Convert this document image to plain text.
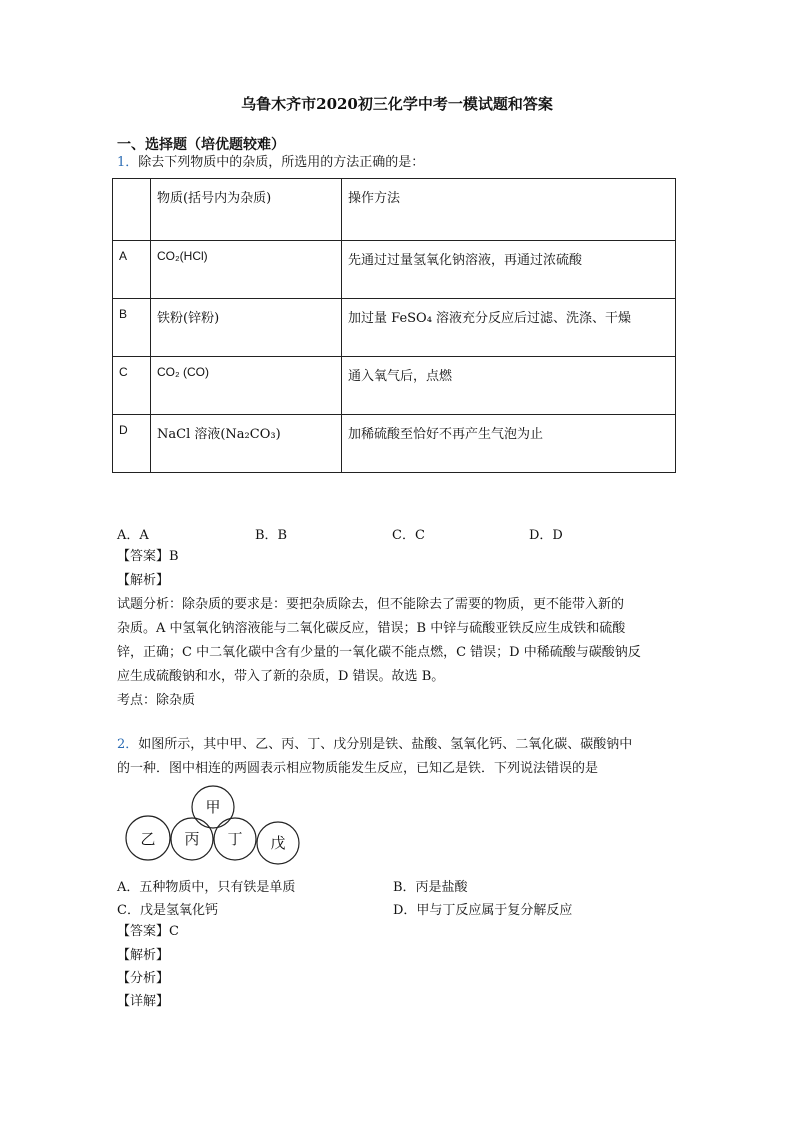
乌鲁木齐市2020初三化学中考一模试题和答案
一、选择题（培优题较难）
1．除去下列物质中的杂质，所选用的方法正确的是：
	物质(括号内为杂质)	操作方法
A	CO₂(HCl)	先通过过量氢氧化钠溶液，再通过浓硫酸
B	铁粉(锌粉)	加过量 FeSO₄ 溶液充分反应后过滤、洗涤、干燥
C	CO₂ (CO)	通入氧气后，点燃
D	NaCl 溶液(Na₂CO₃)	加稀硫酸至恰好不再产生气泡为止
A．A	B．B	C．C	D．D
【答案】B
【解析】
试题分析：除杂质的要求是：要把杂质除去，但不能除去了需要的物质，更不能带入新的
杂质。A 中氢氧化钠溶液能与二氧化碳反应，错误；B 中锌与硫酸亚铁反应生成铁和硫酸
锌，正确；C 中二氧化碳中含有少量的一氧化碳不能点燃，C 错误；D 中稀硫酸与碳酸钠反
应生成硫酸钠和水，带入了新的杂质，D 错误。故选 B。
考点：除杂质
2．如图所示，其中甲、乙、丙、丁、戊分别是铁、盐酸、氢氧化钙、二氧化碳、碳酸钠中
的一种．图中相连的两圆表示相应物质能发生反应，已知乙是铁．下列说法错误的是
甲
乙 丙 丁 戊
A．五种物质中，只有铁是单质	B．丙是盐酸
C．戊是氢氧化钙	D．甲与丁反应属于复分解反应
【答案】C
【解析】
【分析】
【详解】
